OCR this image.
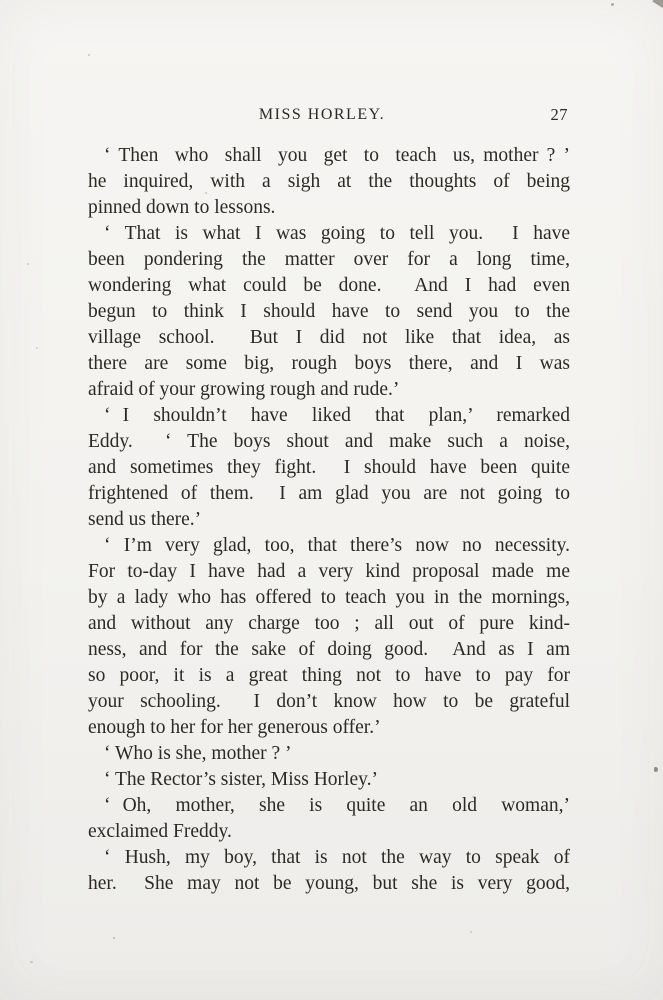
MISS HORLEY.	27
‘ Then  who  shall  you  get  to  teach  us, mother ? ’
he inquired, with a sigh at the thoughts of being
pinned down to lessons.
‘ That is what I was going to tell you.  I have
been pondering the matter over for a long time,
wondering what could be done.  And I had even
begun to think I should have to send you to the
village school.  But I did not like that idea, as
there are some big, rough boys there, and I was
afraid of your growing rough and rude.’
‘ I  shouldn’t  have  liked  that  plan,’  remarked
Eddy.  ‘ The boys shout and make such a noise,
and sometimes they fight.  I should have been quite
frightened of them.  I am glad you are not going to
send us there.’
‘ I’m very glad, too, that there’s now no necessity.
For to-day I have had a very kind proposal made me
by a lady who has offered to teach you in the mornings,
and without any charge too ; all out of pure kind-
ness, and for the sake of doing good.  And as I am
so poor, it is a great thing not to have to pay for
your schooling.  I don’t know how to be grateful
enough to her for her generous offer.’
‘ Who is she, mother ? ’
‘ The Rector’s sister, Miss Horley.’
‘ Oh,  mother,  she  is  quite  an  old  woman,’
exclaimed Freddy.
‘ Hush, my boy, that is not the way to speak of
her.  She may not be young, but she is very good,
